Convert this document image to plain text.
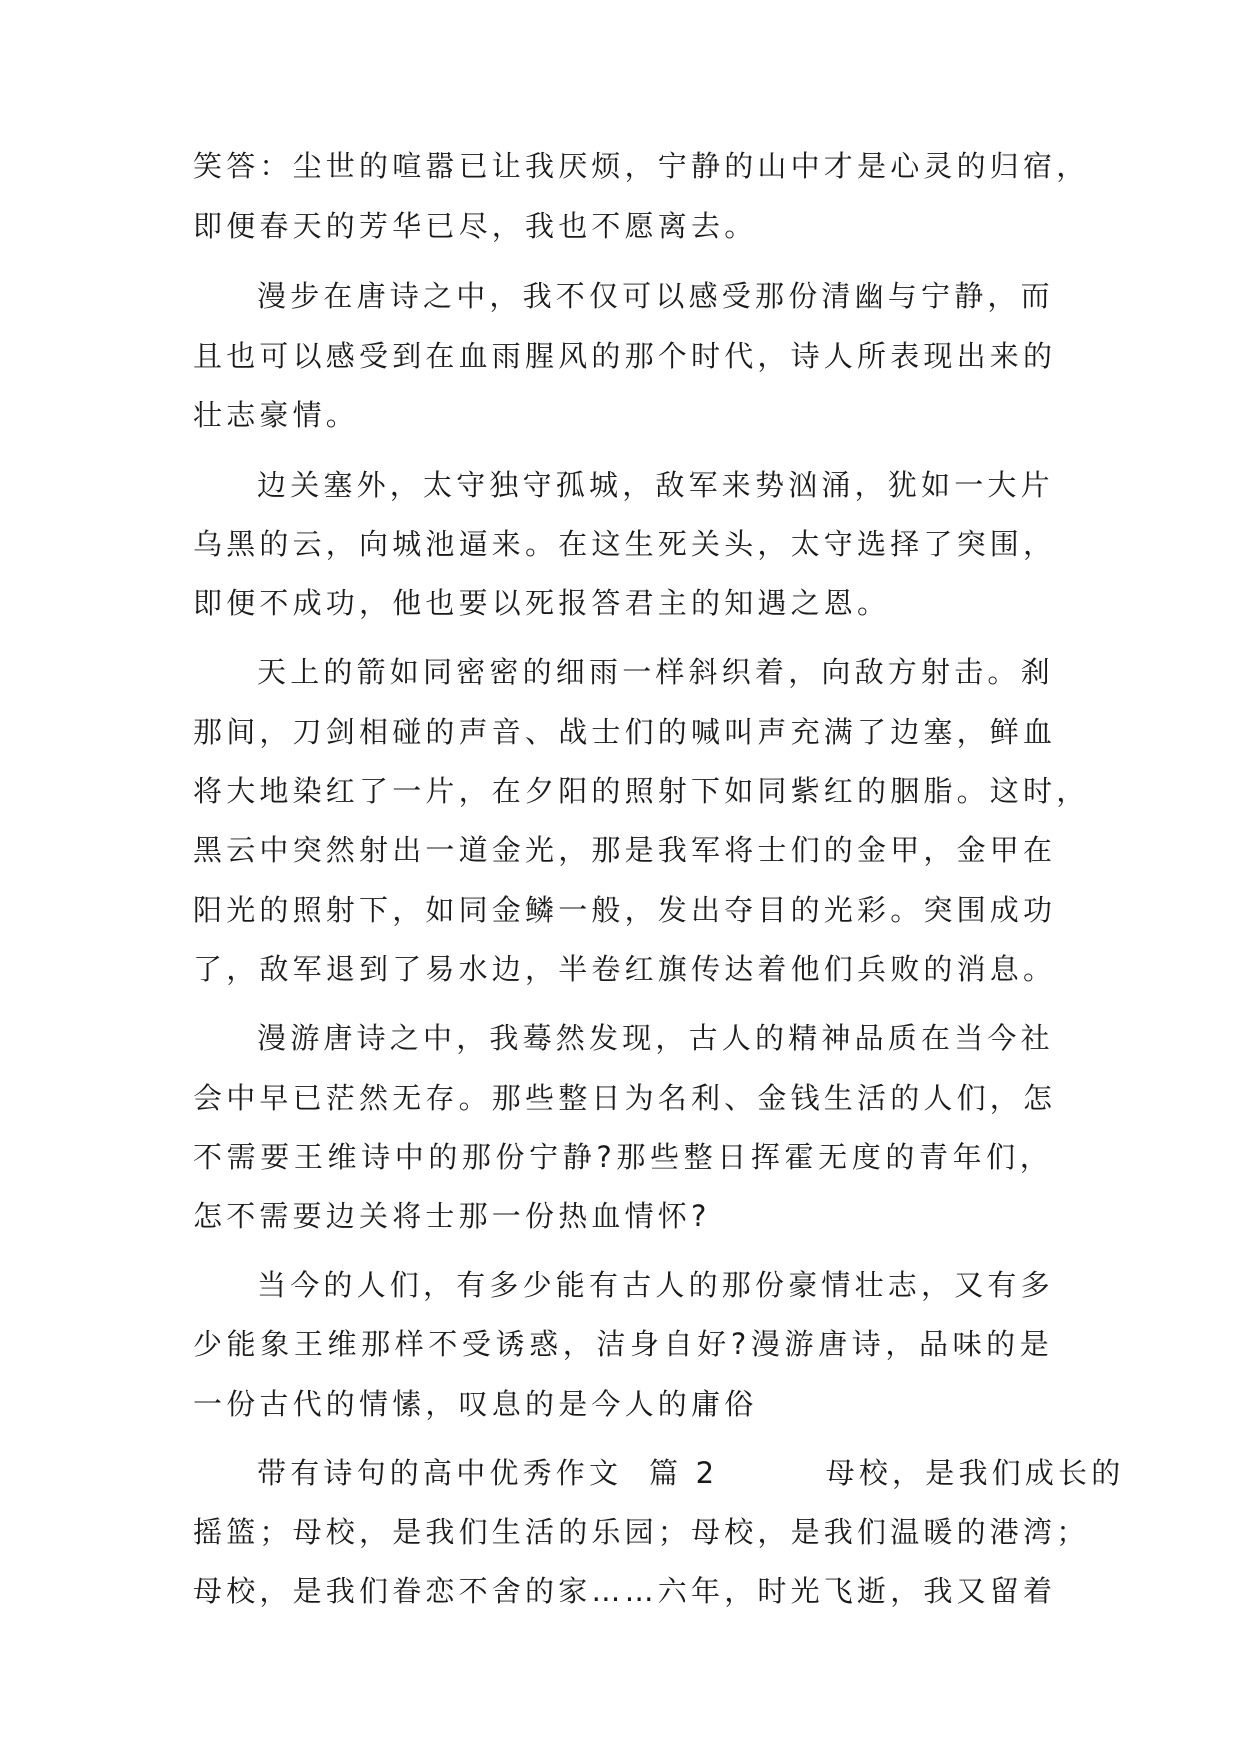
笑答：尘世的喧嚣已让我厌烦，宁静的山中才是心灵的归宿，
即便春天的芳华已尽，我也不愿离去。
漫步在唐诗之中，我不仅可以感受那份清幽与宁静，而
且也可以感受到在血雨腥风的那个时代，诗人所表现出来的
壮志豪情。
边关塞外，太守独守孤城，敌军来势汹涌，犹如一大片
乌黑的云，向城池逼来。在这生死关头，太守选择了突围，
即便不成功，他也要以死报答君主的知遇之恩。
天上的箭如同密密的细雨一样斜织着，向敌方射击。刹
那间，刀剑相碰的声音、战士们的喊叫声充满了边塞，鲜血
将大地染红了一片，在夕阳的照射下如同紫红的胭脂。这时，
黑云中突然射出一道金光，那是我军将士们的金甲，金甲在
阳光的照射下，如同金鳞一般，发出夺目的光彩。突围成功
了，敌军退到了易水边，半卷红旗传达着他们兵败的消息。
漫游唐诗之中，我蓦然发现，古人的精神品质在当今社
会中早已茫然无存。那些整日为名利、金钱生活的人们，怎
不需要王维诗中的那份宁静?那些整日挥霍无度的青年们，
怎不需要边关将士那一份热血情怀?
当今的人们，有多少能有古人的那份豪情壮志，又有多
少能象王维那样不受诱惑，洁身自好?漫游唐诗，品味的是
一份古代的情愫，叹息的是今人的庸俗
带有诗句的高中优秀作文  篇 2        母校，是我们成长的
摇篮；母校，是我们生活的乐园；母校，是我们温暖的港湾；
母校，是我们眷恋不舍的家……六年，时光飞逝，我又留着
